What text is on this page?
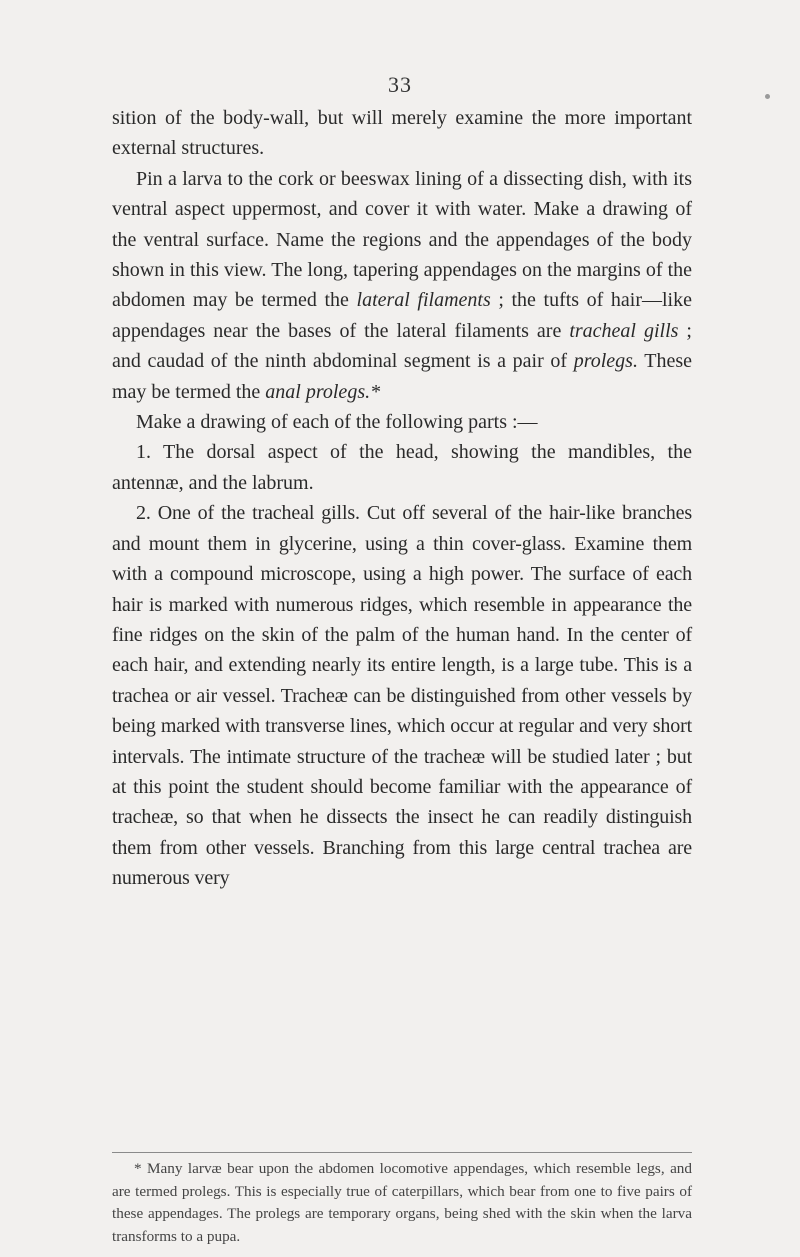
33

sition of the body-wall, but will merely examine the more important external structures.

Pin a larva to the cork or beeswax lining of a dissecting dish, with its ventral aspect uppermost, and cover it with water. Make a drawing of the ventral surface. Name the regions and the appendages of the body shown in this view. The long, tapering appendages on the margins of the abdomen may be termed the lateral filaments ; the tufts of hair—like appendages near the bases of the lateral filaments are tracheal gills ; and caudad of the ninth abdominal segment is a pair of prolegs. These may be termed the anal prolegs.*

Make a drawing of each of the following parts :—

1. The dorsal aspect of the head, showing the mandibles, the antennæ, and the labrum.

2. One of the tracheal gills. Cut off several of the hair-like branches and mount them in glycerine, using a thin cover-glass. Examine them with a compound microscope, using a high power. The surface of each hair is marked with numerous ridges, which resemble in appearance the fine ridges on the skin of the palm of the human hand. In the center of each hair, and extending nearly its entire length, is a large tube. This is a trachea or air vessel. Tracheæ can be distinguished from other vessels by being marked with transverse lines, which occur at regular and very short intervals. The intimate structure of the tracheæ will be studied later ; but at this point the student should become familiar with the appearance of tracheæ, so that when he dissects the insect he can readily distinguish them from other vessels. Branching from this large central trachea are numerous very

* Many larvæ bear upon the abdomen locomotive appendages, which resemble legs, and are termed prolegs. This is especially true of caterpillars, which bear from one to five pairs of these appendages. The prolegs are temporary organs, being shed with the skin when the larva transforms to a pupa.
